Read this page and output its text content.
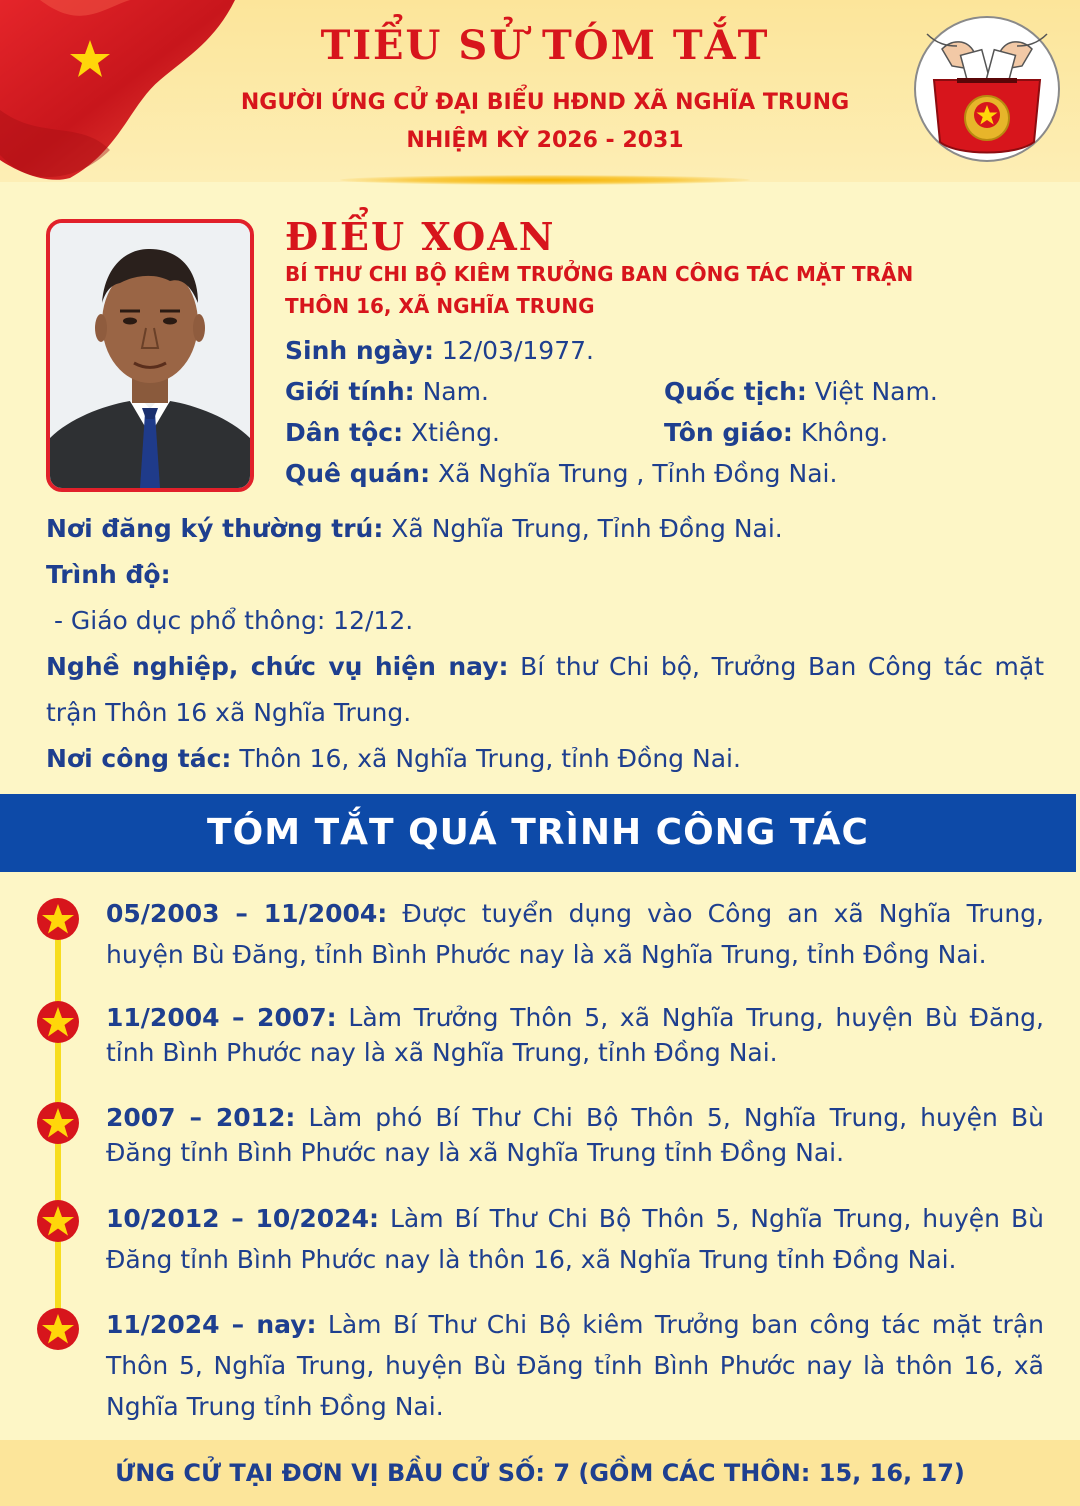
TIỂU SỬ TÓM TẮT
NGƯỜI ỨNG CỬ ĐẠI BIỂU HĐND XÃ NGHĨA TRUNG
NHIỆM KỲ 2026 - 2031
ĐIỂU XOAN
BÍ THƯ CHI BỘ KIÊM TRƯỞNG BAN CÔNG TÁC MẶT TRẬN
THÔN 16, XÃ NGHĨA TRUNG
Sinh ngày: 12/03/1977.
Giới tính: Nam.	Quốc tịch: Việt Nam.
Dân tộc: Xtiêng.	Tôn giáo: Không.
Quê quán: Xã Nghĩa Trung , Tỉnh Đồng Nai.
Nơi đăng ký thường trú: Xã Nghĩa Trung, Tỉnh Đồng Nai.
Trình độ:
- Giáo dục phổ thông: 12/12.
Nghề nghiệp, chức vụ hiện nay: Bí thư Chi bộ, Trưởng Ban Công tác mặt trận Thôn 16 xã Nghĩa Trung.
Nơi công tác: Thôn 16, xã Nghĩa Trung, tỉnh Đồng Nai.
TÓM TẮT QUÁ TRÌNH CÔNG TÁC
05/2003 – 11/2004: Được tuyển dụng vào Công an xã Nghĩa Trung, huyện Bù Đăng, tỉnh Bình Phước nay là xã Nghĩa Trung, tỉnh Đồng Nai.
11/2004 – 2007: Làm Trưởng Thôn 5, xã Nghĩa Trung, huyện Bù Đăng, tỉnh Bình Phước nay là xã Nghĩa Trung, tỉnh Đồng Nai.
2007 – 2012: Làm phó Bí Thư Chi Bộ Thôn 5, Nghĩa Trung, huyện Bù Đăng tỉnh Bình Phước nay là xã Nghĩa Trung tỉnh Đồng Nai.
10/2012 – 10/2024: Làm Bí Thư Chi Bộ Thôn 5, Nghĩa Trung, huyện Bù Đăng tỉnh Bình Phước nay là thôn 16, xã Nghĩa Trung tỉnh Đồng Nai.
11/2024 – nay: Làm Bí Thư Chi Bộ kiêm Trưởng ban công tác mặt trận Thôn 5, Nghĩa Trung, huyện Bù Đăng tỉnh Bình Phước nay là thôn 16, xã Nghĩa Trung tỉnh Đồng Nai.
ỨNG CỬ TẠI ĐƠN VỊ BẦU CỬ SỐ: 7 (GỒM CÁC THÔN: 15, 16, 17)
